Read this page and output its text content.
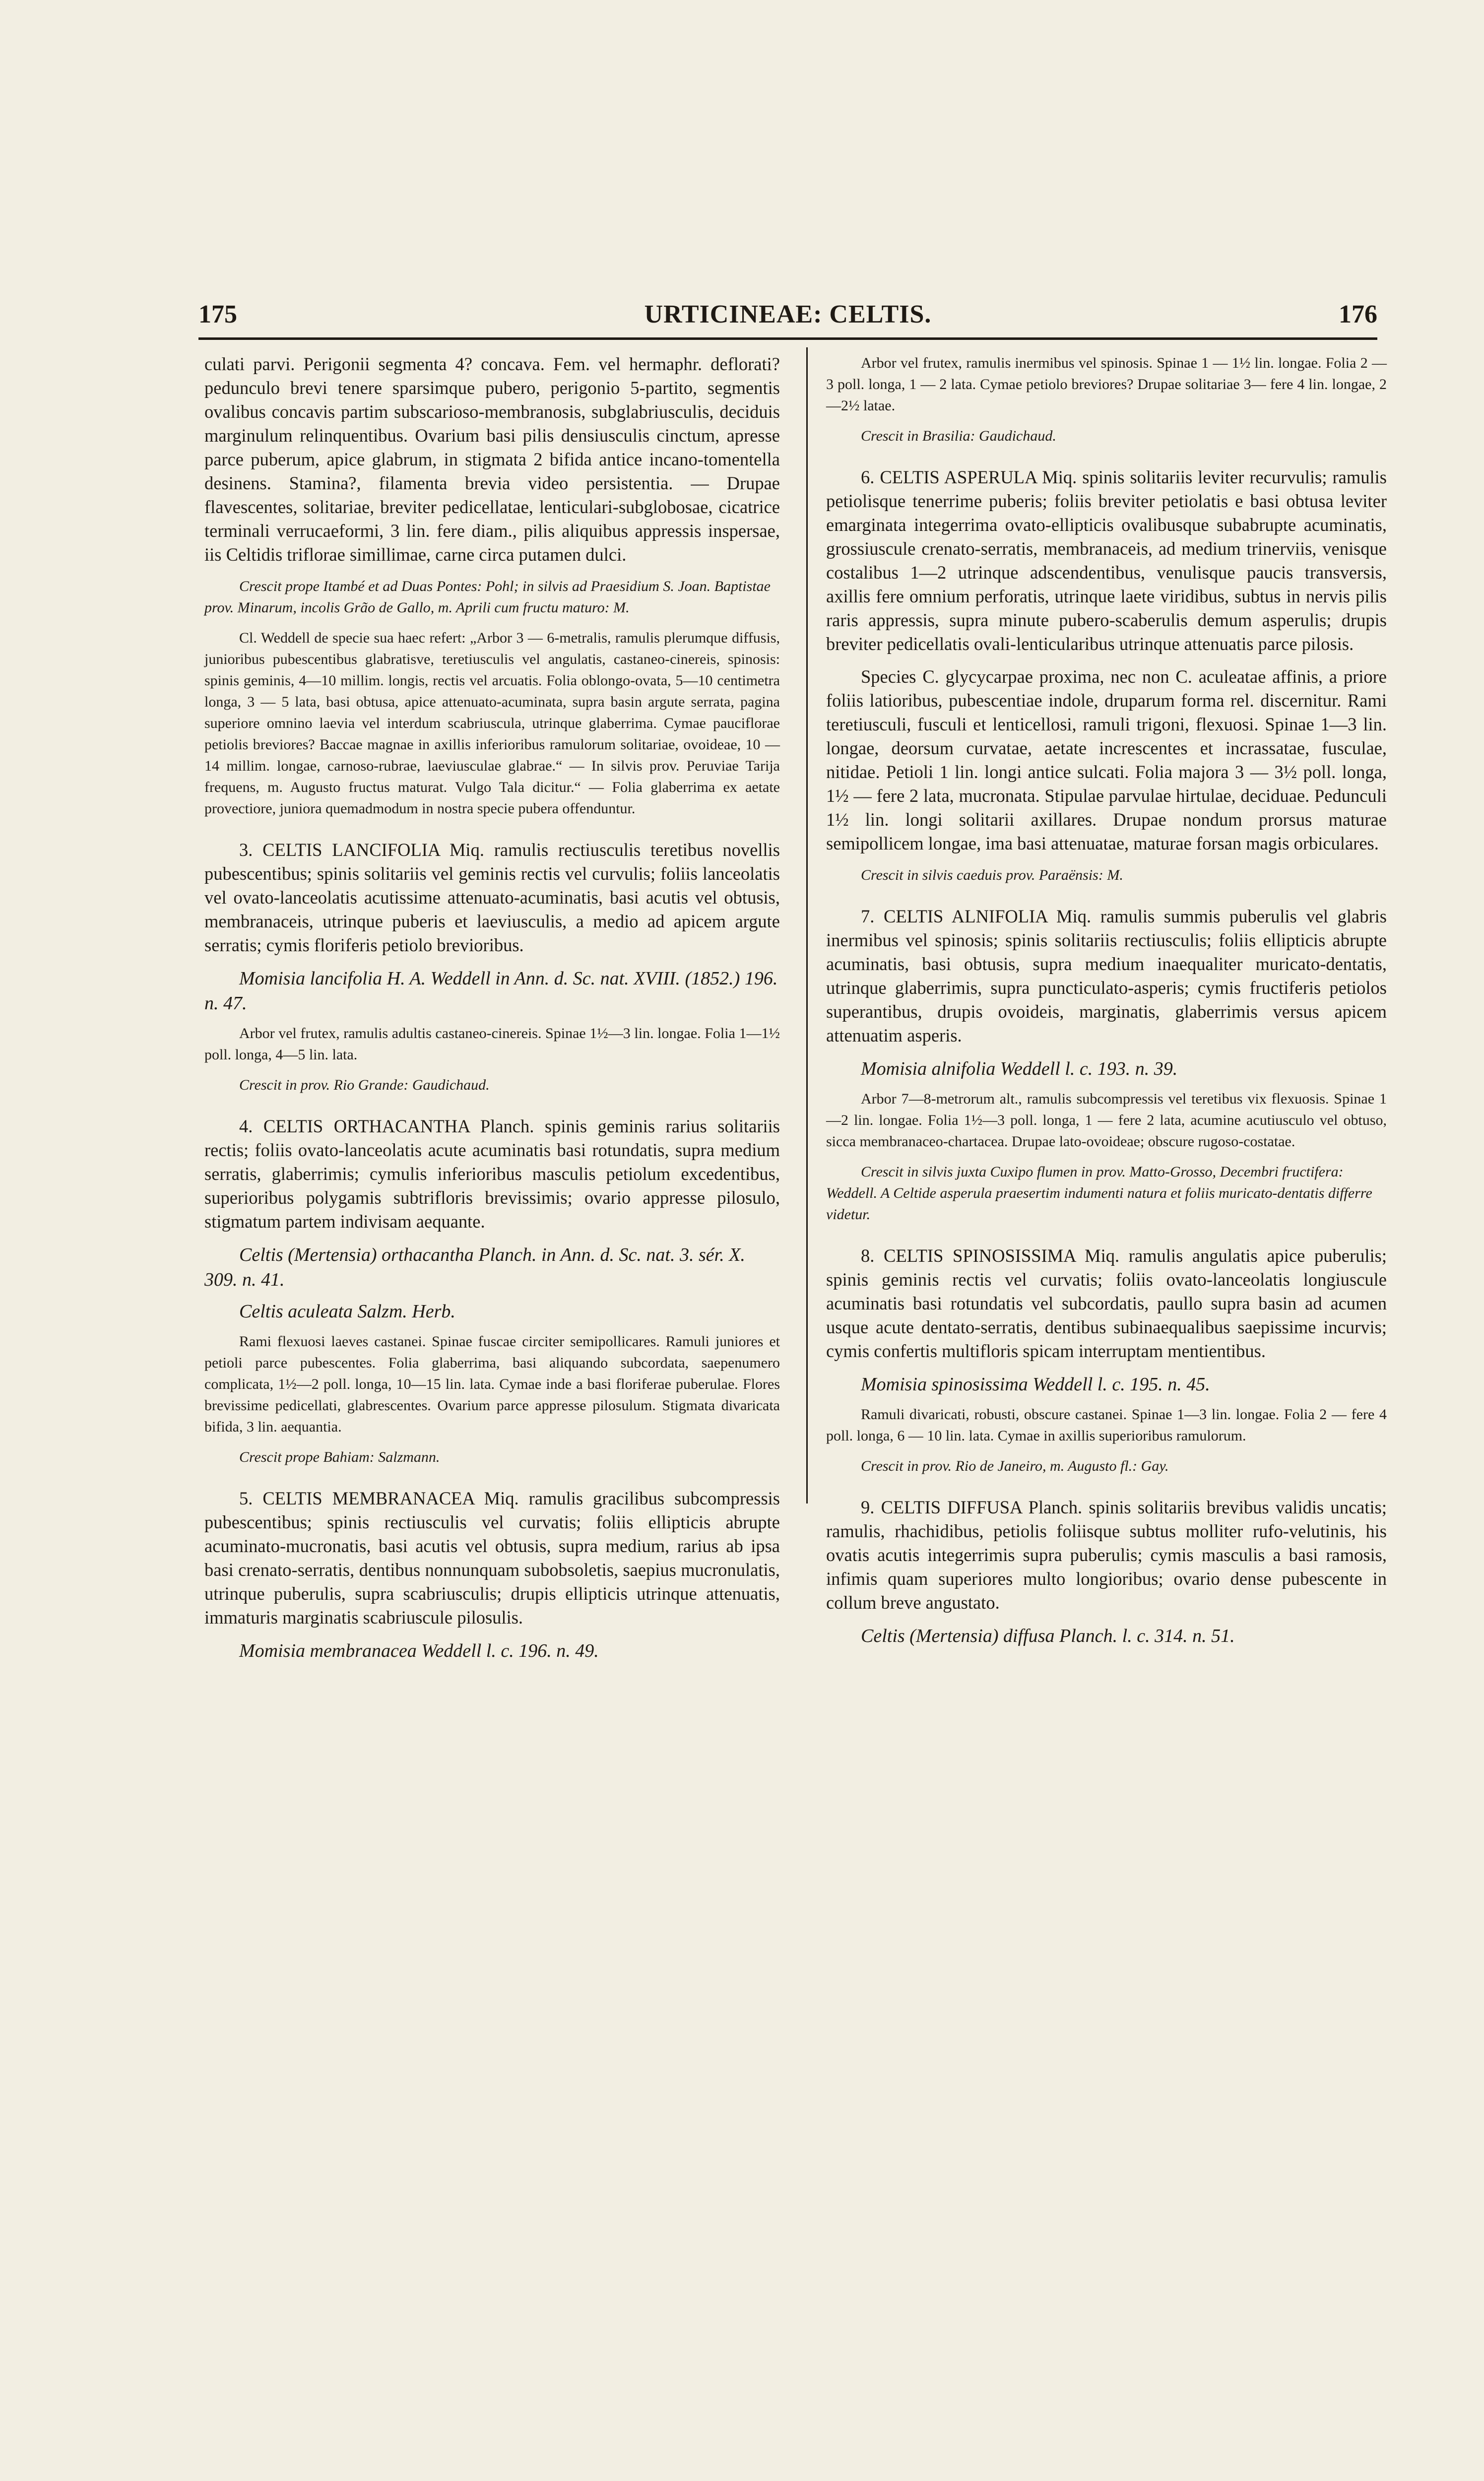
175	URTICINEAE: CELTIS.	176

culati parvi. Perigonii segmenta 4? concava. Fem. vel hermaphr. deflorati? pedunculo brevi tenere sparsimque pubero, perigonio 5-partito, segmentis ovalibus concavis partim subscarioso-membranosis, subglabriusculis, deciduis marginulum relinquentibus. Ovarium basi pilis densiusculis cinctum, apresse parce puberum, apice glabrum, in stigmata 2 bifida antice incano-tomentella desinens. Stamina?, filamenta brevia video persistentia. — Drupae flavescentes, solitariae, breviter pedicellatae, lenticulari-subglobosae, cicatrice terminali verrucaeformi, 3 lin. fere diam., pilis aliquibus appressis inspersae, iis Celtidis triflorae simillimae, carne circa putamen dulci.

Crescit prope Itambé et ad Duas Pontes: Pohl; in silvis ad Praesidium S. Joan. Baptistae prov. Minarum, incolis Grão de Gallo, m. Aprili cum fructu maturo: M.

Cl. Weddell de specie sua haec refert: „Arbor 3 — 6-metralis, ramulis plerumque diffusis, junioribus pubescentibus glabratisve, teretiusculis vel angulatis, castaneo-cinereis, spinosis: spinis geminis, 4—10 millim. longis, rectis vel arcuatis. Folia oblongo-ovata, 5—10 centimetra longa, 3 — 5 lata, basi obtusa, apice attenuato-acuminata, supra basin argute serrata, pagina superiore omnino laevia vel interdum scabriuscula, utrinque glaberrima. Cymae pauciflorae petiolis breviores? Baccae magnae in axillis inferioribus ramulorum solitariae, ovoideae, 10 — 14 millim. longae, carnoso-rubrae, laeviusculae glabrae.“ — In silvis prov. Peruviae Tarija frequens, m. Augusto fructus maturat. Vulgo Tala dicitur.“ — Folia glaberrima ex aetate provectiore, juniora quemadmodum in nostra specie pubera offenduntur.

3. CELTIS LANCIFOLIA Miq. ramulis rectiusculis teretibus novellis pubescentibus; spinis solitariis vel geminis rectis vel curvulis; foliis lanceolatis vel ovato-lanceolatis acutissime attenuato-acuminatis, basi acutis vel obtusis, membranaceis, utrinque puberis et laeviusculis, a medio ad apicem argute serratis; cymis floriferis petiolo brevioribus.

Momisia lancifolia H. A. Weddell in Ann. d. Sc. nat. XVIII. (1852.) 196. n. 47.

Arbor vel frutex, ramulis adultis castaneo-cinereis. Spinae 1½—3 lin. longae. Folia 1—1½ poll. longa, 4—5 lin. lata.

Crescit in prov. Rio Grande: Gaudichaud.

4. CELTIS ORTHACANTHA Planch. spinis geminis rarius solitariis rectis; foliis ovato-lanceolatis acute acuminatis basi rotundatis, supra medium serratis, glaberrimis; cymulis inferioribus masculis petiolum excedentibus, superioribus polygamis subtrifloris brevissimis; ovario appresse pilosulo, stigmatum partem indivisam aequante.

Celtis (Mertensia) orthacantha Planch. in Ann. d. Sc. nat. 3. sér. X. 309. n. 41.

Celtis aculeata Salzm. Herb.

Rami flexuosi laeves castanei. Spinae fuscae circiter semipollicares. Ramuli juniores et petioli parce pubescentes. Folia glaberrima, basi aliquando subcordata, saepenumero complicata, 1½—2 poll. longa, 10—15 lin. lata. Cymae inde a basi floriferae puberulae. Flores brevissime pedicellati, glabrescentes. Ovarium parce appresse pilosulum. Stigmata divaricata bifida, 3 lin. aequantia.

Crescit prope Bahiam: Salzmann.

5. CELTIS MEMBRANACEA Miq. ramulis gracilibus subcompressis pubescentibus; spinis rectiusculis vel curvatis; foliis ellipticis abrupte acuminato-mucronatis, basi acutis vel obtusis, supra medium, rarius ab ipsa basi crenato-serratis, dentibus nonnunquam subobsoletis, saepius mucronulatis, utrinque puberulis, supra scabriusculis; drupis ellipticis utrinque attenuatis, immaturis marginatis scabriuscule pilosulis.

Momisia membranacea Weddell l. c. 196. n. 49.

Arbor vel frutex, ramulis inermibus vel spinosis. Spinae 1 — 1½ lin. longae. Folia 2 — 3 poll. longa, 1 — 2 lata. Cymae petiolo breviores? Drupae solitariae 3— fere 4 lin. longae, 2—2½ latae.

Crescit in Brasilia: Gaudichaud.

6. CELTIS ASPERULA Miq. spinis solitariis leviter recurvulis; ramulis petiolisque tenerrime puberis; foliis breviter petiolatis e basi obtusa leviter emarginata integerrima ovato-ellipticis ovalibusque subabrupte acuminatis, grossiuscule crenato-serratis, membranaceis, ad medium trinerviis, venisque costalibus 1—2 utrinque adscendentibus, venulisque paucis transversis, axillis fere omnium perforatis, utrinque laete viridibus, subtus in nervis pilis raris appressis, supra minute pubero-scaberulis demum asperulis; drupis breviter pedicellatis ovali-lenticularibus utrinque attenuatis parce pilosis.

Species C. glycycarpae proxima, nec non C. aculeatae affinis, a priore foliis latioribus, pubescentiae indole, druparum forma rel. discernitur. Rami teretiusculi, fusculi et lenticellosi, ramuli trigoni, flexuosi. Spinae 1—3 lin. longae, deorsum curvatae, aetate increscentes et incrassatae, fusculae, nitidae. Petioli 1 lin. longi antice sulcati. Folia majora 3 — 3½ poll. longa, 1½ — fere 2 lata, mucronata. Stipulae parvulae hirtulae, deciduae. Pedunculi 1½ lin. longi solitarii axillares. Drupae nondum prorsus maturae semipollicem longae, ima basi attenuatae, maturae forsan magis orbiculares.

Crescit in silvis caeduis prov. Paraënsis: M.

7. CELTIS ALNIFOLIA Miq. ramulis summis puberulis vel glabris inermibus vel spinosis; spinis solitariis rectiusculis; foliis ellipticis abrupte acuminatis, basi obtusis, supra medium inaequaliter muricato-dentatis, utrinque glaberrimis, supra puncticulato-asperis; cymis fructiferis petiolos superantibus, drupis ovoideis, marginatis, glaberrimis versus apicem attenuatim asperis.

Momisia alnifolia Weddell l. c. 193. n. 39.

Arbor 7—8-metrorum alt., ramulis subcompressis vel teretibus vix flexuosis. Spinae 1—2 lin. longae. Folia 1½—3 poll. longa, 1 — fere 2 lata, acumine acutiusculo vel obtuso, sicca membranaceo-chartacea. Drupae lato-ovoideae; obscure rugoso-costatae.

Crescit in silvis juxta Cuxipo flumen in prov. Matto-Grosso, Decembri fructifera: Weddell. A Celtide asperula praesertim indumenti natura et foliis muricato-dentatis differre videtur.

8. CELTIS SPINOSISSIMA Miq. ramulis angulatis apice puberulis; spinis geminis rectis vel curvatis; foliis ovato-lanceolatis longiuscule acuminatis basi rotundatis vel subcordatis, paullo supra basin ad acumen usque acute dentato-serratis, dentibus subinaequalibus saepissime incurvis; cymis confertis multifloris spicam interruptam mentientibus.

Momisia spinosissima Weddell l. c. 195. n. 45.

Ramuli divaricati, robusti, obscure castanei. Spinae 1—3 lin. longae. Folia 2 — fere 4 poll. longa, 6 — 10 lin. lata. Cymae in axillis superioribus ramulorum.

Crescit in prov. Rio de Janeiro, m. Augusto fl.: Gay.

9. CELTIS DIFFUSA Planch. spinis solitariis brevibus validis uncatis; ramulis, rhachidibus, petiolis foliisque subtus molliter rufo-velutinis, his ovatis acutis integerrimis supra puberulis; cymis masculis a basi ramosis, infimis quam superiores multo longioribus; ovario dense pubescente in collum breve angustato.

Celtis (Mertensia) diffusa Planch. l. c. 314. n. 51.
